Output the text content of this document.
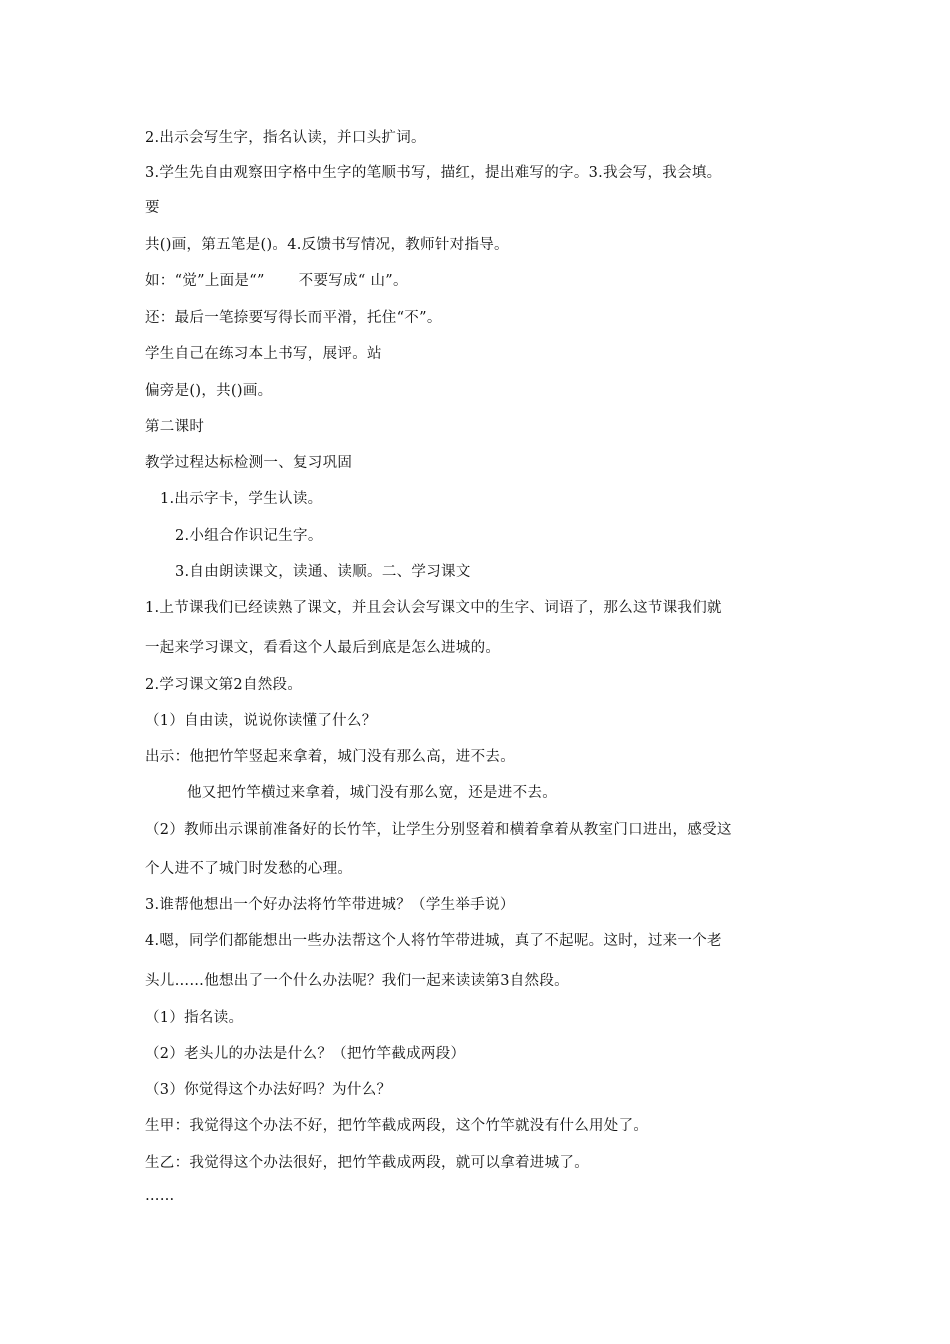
2.出示会写生字，指名认读，并口头扩词。
3.学生先自由观察田字格中生字的笔顺书写，描红，提出难写的字。3.我会写，我会填。
要
共()画，第五笔是()。4.反馈书写情况，教师针对指导。
如：“觉”上面是“” 不要写成“ 山”。
还：最后一笔捺要写得长而平滑，托住“不”。
学生自己在练习本上书写，展评。站
偏旁是()，共()画。
第二课时
教学过程达标检测一、复习巩固
1.出示字卡，学生认读。
2.小组合作识记生字。
3.自由朗读课文，读通、读顺。二、学习课文
1.上节课我们已经读熟了课文，并且会认会写课文中的生字、词语了，那么这节课我们就
一起来学习课文，看看这个人最后到底是怎么进城的。
2.学习课文第2自然段。
（1）自由读，说说你读懂了什么？
出示：他把竹竿竖起来拿着，城门没有那么高，进不去。
他又把竹竿横过来拿着，城门没有那么宽，还是进不去。
（2）教师出示课前准备好的长竹竿，让学生分别竖着和横着拿着从教室门口进出，感受这
个人进不了城门时发愁的心理。
3.谁帮他想出一个好办法将竹竿带进城？（学生举手说）
4.嗯，同学们都能想出一些办法帮这个人将竹竿带进城，真了不起呢。这时，过来一个老
头儿……他想出了一个什么办法呢？我们一起来读读第3自然段。
（1）指名读。
（2）老头儿的办法是什么？（把竹竿截成两段）
（3）你觉得这个办法好吗？为什么？
生甲：我觉得这个办法不好，把竹竿截成两段，这个竹竿就没有什么用处了。
生乙：我觉得这个办法很好，把竹竿截成两段，就可以拿着进城了。
……
